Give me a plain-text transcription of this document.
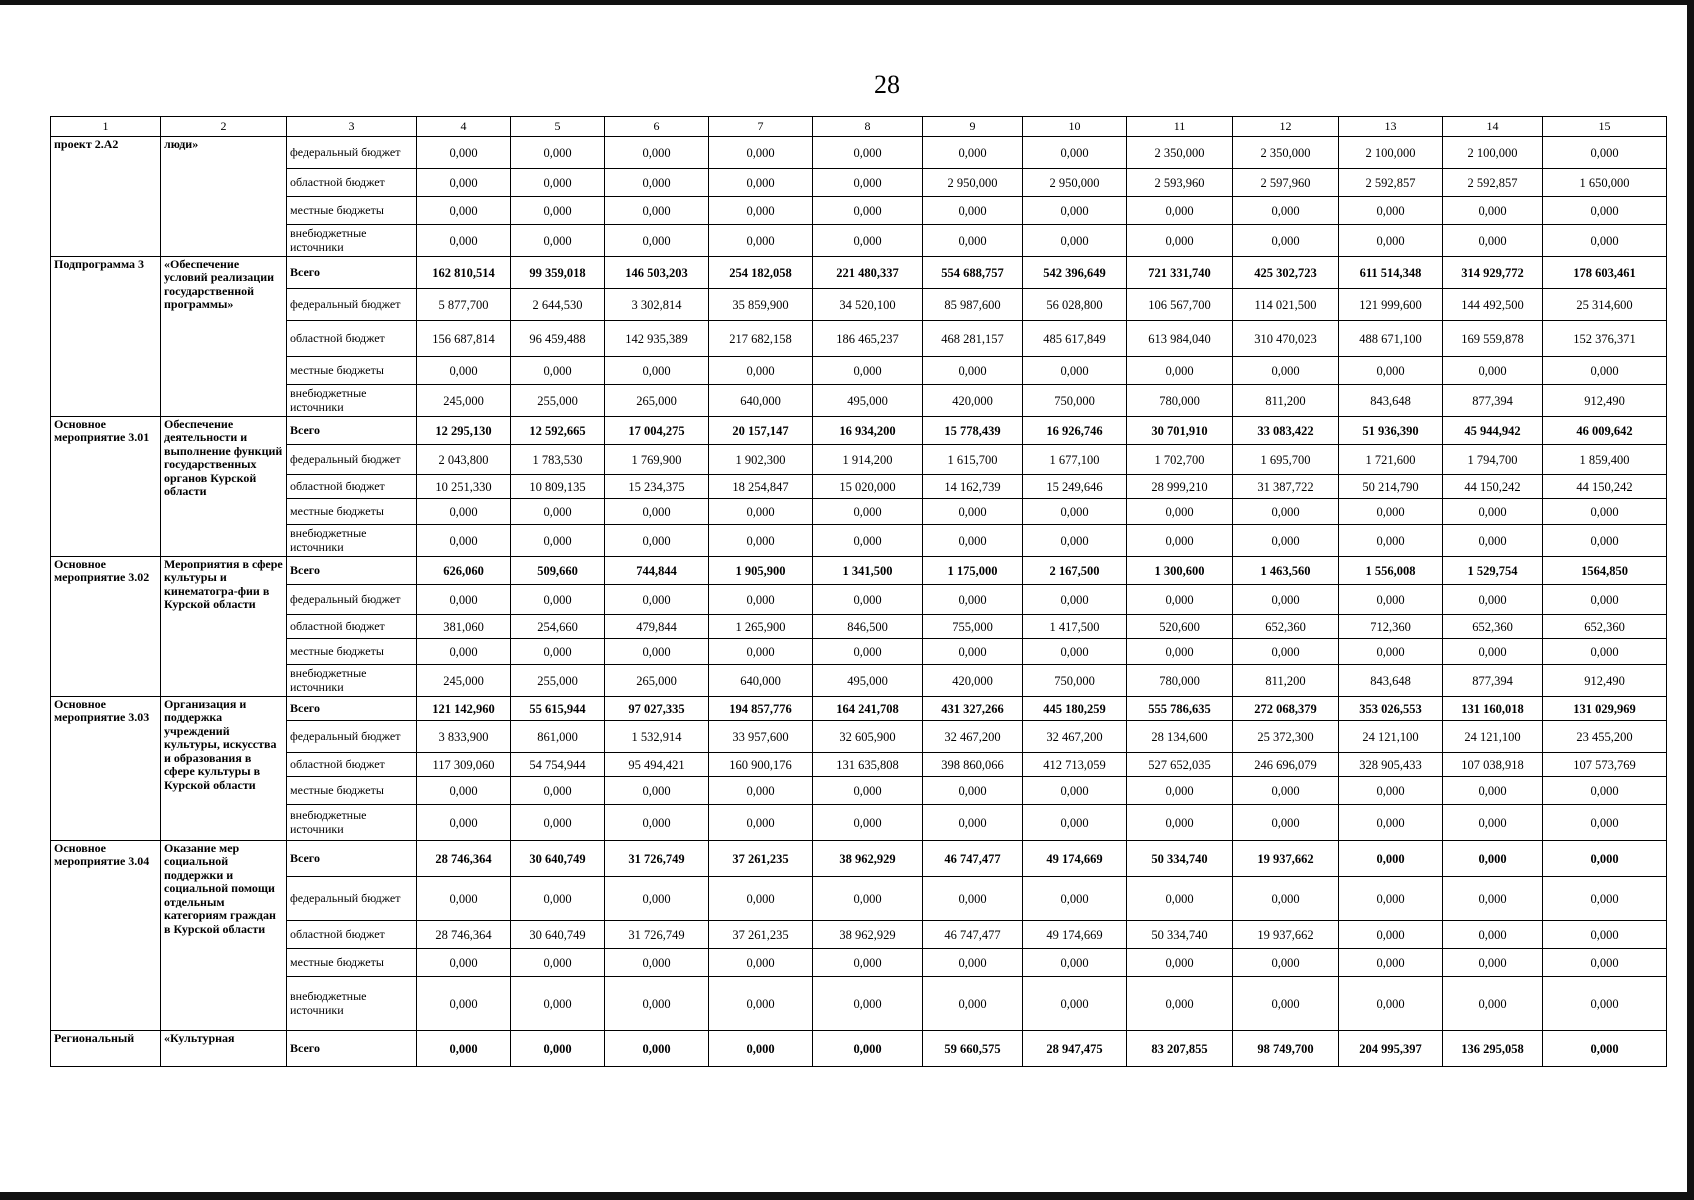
28
1	2	3	4	5	6	7	8	9	10	11	12	13	14	15
проект 2.А2	люди»	федеральный бюджет	0,000	0,000	0,000	0,000	0,000	0,000	0,000	2 350,000	2 350,000	2 100,000	2 100,000	0,000
		областной бюджет	0,000	0,000	0,000	0,000	0,000	2 950,000	2 950,000	2 593,960	2 597,960	2 592,857	2 592,857	1 650,000
		местные бюджеты	0,000	0,000	0,000	0,000	0,000	0,000	0,000	0,000	0,000	0,000	0,000	0,000
		внебюджетные источники	0,000	0,000	0,000	0,000	0,000	0,000	0,000	0,000	0,000	0,000	0,000	0,000
Подпрограмма 3	«Обеспечение условий реализации государственной программы»	Всего	162 810,514	99 359,018	146 503,203	254 182,058	221 480,337	554 688,757	542 396,649	721 331,740	425 302,723	611 514,348	314 929,772	178 603,461
		федеральный бюджет	5 877,700	2 644,530	3 302,814	35 859,900	34 520,100	85 987,600	56 028,800	106 567,700	114 021,500	121 999,600	144 492,500	25 314,600
		областной бюджет	156 687,814	96 459,488	142 935,389	217 682,158	186 465,237	468 281,157	485 617,849	613 984,040	310 470,023	488 671,100	169 559,878	152 376,371
		местные бюджеты	0,000	0,000	0,000	0,000	0,000	0,000	0,000	0,000	0,000	0,000	0,000	0,000
		внебюджетные источники	245,000	255,000	265,000	640,000	495,000	420,000	750,000	780,000	811,200	843,648	877,394	912,490
Основное мероприятие 3.01	Обеспечение деятельности и выполнение функций государственных органов Курской области	Всего	12 295,130	12 592,665	17 004,275	20 157,147	16 934,200	15 778,439	16 926,746	30 701,910	33 083,422	51 936,390	45 944,942	46 009,642
		федеральный бюджет	2 043,800	1 783,530	1 769,900	1 902,300	1 914,200	1 615,700	1 677,100	1 702,700	1 695,700	1 721,600	1 794,700	1 859,400
		областной бюджет	10 251,330	10 809,135	15 234,375	18 254,847	15 020,000	14 162,739	15 249,646	28 999,210	31 387,722	50 214,790	44 150,242	44 150,242
		местные бюджеты	0,000	0,000	0,000	0,000	0,000	0,000	0,000	0,000	0,000	0,000	0,000	0,000
		внебюджетные источники	0,000	0,000	0,000	0,000	0,000	0,000	0,000	0,000	0,000	0,000	0,000	0,000
Основное мероприятие 3.02	Мероприятия в сфере культуры и кинематогра-фии в Курской области	Всего	626,060	509,660	744,844	1 905,900	1 341,500	1 175,000	2 167,500	1 300,600	1 463,560	1 556,008	1 529,754	1564,850
		федеральный бюджет	0,000	0,000	0,000	0,000	0,000	0,000	0,000	0,000	0,000	0,000	0,000	0,000
		областной бюджет	381,060	254,660	479,844	1 265,900	846,500	755,000	1 417,500	520,600	652,360	712,360	652,360	652,360
		местные бюджеты	0,000	0,000	0,000	0,000	0,000	0,000	0,000	0,000	0,000	0,000	0,000	0,000
		внебюджетные источники	245,000	255,000	265,000	640,000	495,000	420,000	750,000	780,000	811,200	843,648	877,394	912,490
Основное мероприятие 3.03	Организация и поддержка учреждений культуры, искусства и образования в сфере культуры в Курской области	Всего	121 142,960	55 615,944	97 027,335	194 857,776	164 241,708	431 327,266	445 180,259	555 786,635	272 068,379	353 026,553	131 160,018	131 029,969
		федеральный бюджет	3 833,900	861,000	1 532,914	33 957,600	32 605,900	32 467,200	32 467,200	28 134,600	25 372,300	24 121,100	24 121,100	23 455,200
		областной бюджет	117 309,060	54 754,944	95 494,421	160 900,176	131 635,808	398 860,066	412 713,059	527 652,035	246 696,079	328 905,433	107 038,918	107 573,769
		местные бюджеты	0,000	0,000	0,000	0,000	0,000	0,000	0,000	0,000	0,000	0,000	0,000	0,000
		внебюджетные источники	0,000	0,000	0,000	0,000	0,000	0,000	0,000	0,000	0,000	0,000	0,000	0,000
Основное мероприятие 3.04	Оказание мер социальной поддержки и социальной помощи отдельным категориям граждан в Курской области	Всего	28 746,364	30 640,749	31 726,749	37 261,235	38 962,929	46 747,477	49 174,669	50 334,740	19 937,662	0,000	0,000	0,000
		федеральный бюджет	0,000	0,000	0,000	0,000	0,000	0,000	0,000	0,000	0,000	0,000	0,000	0,000
		областной бюджет	28 746,364	30 640,749	31 726,749	37 261,235	38 962,929	46 747,477	49 174,669	50 334,740	19 937,662	0,000	0,000	0,000
		местные бюджеты	0,000	0,000	0,000	0,000	0,000	0,000	0,000	0,000	0,000	0,000	0,000	0,000
		внебюджетные источники	0,000	0,000	0,000	0,000	0,000	0,000	0,000	0,000	0,000	0,000	0,000	0,000
Региональный	«Культурная	Всего	0,000	0,000	0,000	0,000	0,000	59 660,575	28 947,475	83 207,855	98 749,700	204 995,397	136 295,058	0,000
